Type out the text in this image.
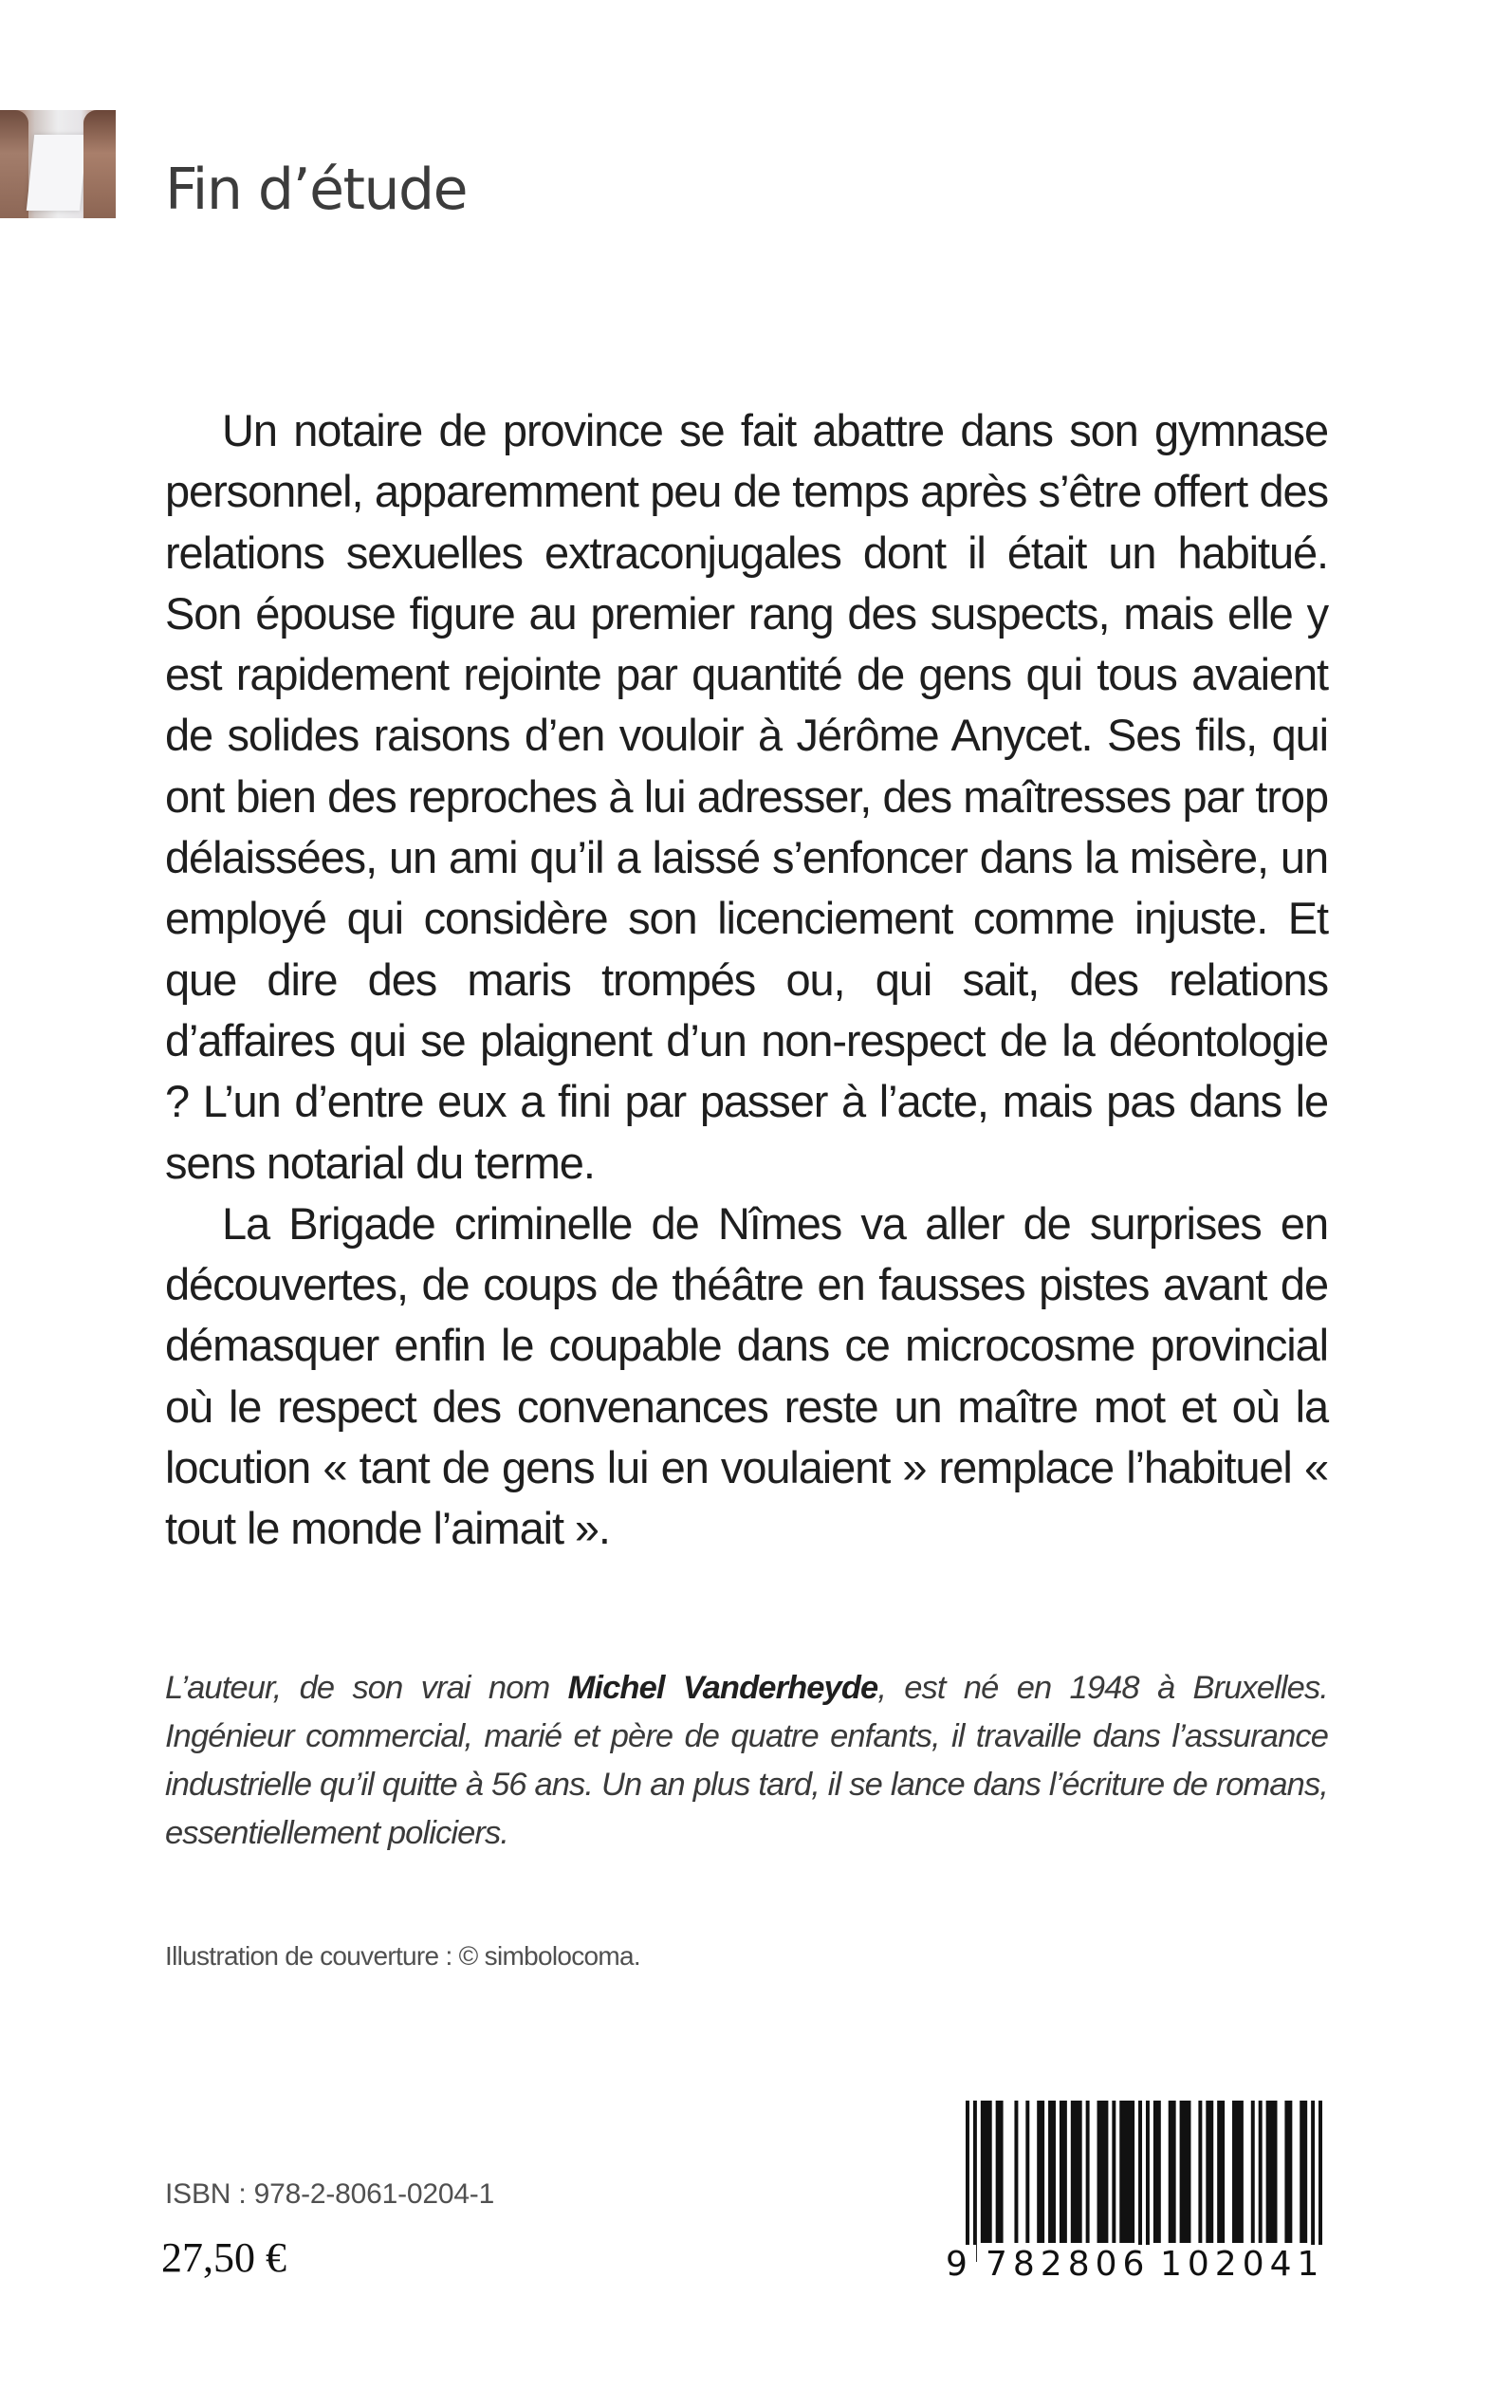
Fin d’étude

Un notaire de province se fait abattre dans son gymnase personnel, apparemment peu de temps après s’être offert des relations sexuelles extraconjugales dont il était un habitué. Son épouse figure au premier rang des suspects, mais elle y est rapidement rejointe par quantité de gens qui tous avaient de solides raisons d’en vouloir à Jérôme Anycet. Ses fils, qui ont bien des reproches à lui adresser, des maîtresses par trop délaissées, un ami qu’il a laissé s’enfoncer dans la misère, un employé qui considère son licenciement comme injuste. Et que dire des maris trompés ou, qui sait, des relations d’affaires qui se plaignent d’un non-respect de la déontologie ? L’un d’entre eux a fini par passer à l’acte, mais pas dans le sens notarial du terme.

La Brigade criminelle de Nîmes va aller de surprises en découvertes, de coups de théâtre en fausses pistes avant de démasquer enfin le coupable dans ce microcosme provincial où le respect des convenances reste un maître mot et où la locution « tant de gens lui en voulaient » remplace l’habituel « tout le monde l’aimait ».

L’auteur, de son vrai nom Michel Vanderheyde, est né en 1948 à Bruxelles. Ingénieur commercial, marié et père de quatre enfants, il travaille dans l’assurance industrielle qu’il quitte à 56 ans. Un an plus tard, il se lance dans l’écriture de romans, essentiellement policiers.

Illustration de couverture : © simbolocoma.

ISBN : 978-2-8061-0204-1

27,50 €	9 782806 102041
